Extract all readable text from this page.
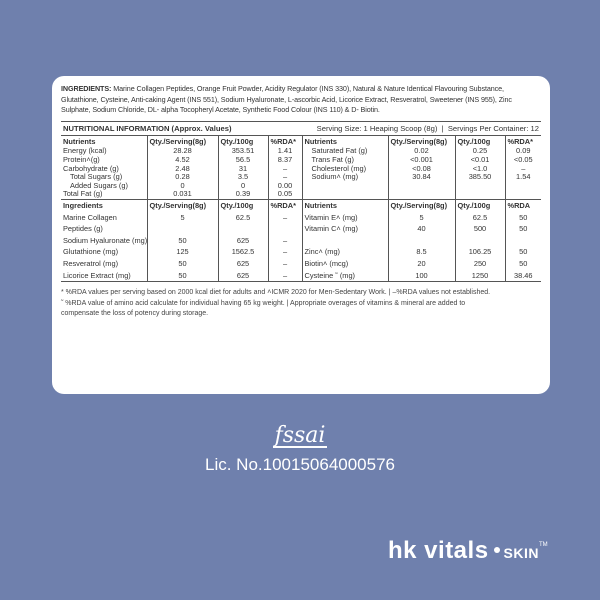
INGREDIENTS: Marine Collagen Peptides, Orange Fruit Powder, Acidity Regulator (INS 330), Natural & Nature Identical Flavouring Substance, Glutathione, Cysteine, Anti-caking Agent (INS 551), Sodium Hyaluronate, L-ascorbic Acid, Licorice Extract, Resveratrol, Sweetener (INS 955), Zinc Sulphate, Sodium Chloride, DL- alpha Tocopheryl Acetate, Synthetic Food Colour (INS 110) & D- Biotin.
NUTRITIONAL INFORMATION (Approx. Values)	Serving Size: 1 Heaping Scoop (8g)  |  Servings Per Container: 12
Nutrients	Qty./Serving(8g)	Qty./100g	%RDA*	Nutrients	Qty./Serving(8g)	Qty./100g	%RDA*
Energy (kcal)	28.28	353.51	1.41	Saturated Fat (g)	0.02	0.25	0.09
Protein˄(g)	4.52	56.5	8.37	Trans Fat (g)	<0.001	<0.01	<0.05
Carbohydrate (g)	2.48	31	–	Cholesterol (mg)	<0.08	<1.0	–
Total Sugars (g)	0.28	3.5	–	Sodium˄ (mg)	30.84	385.50	1.54
Added Sugars (g)	0	0	0.00				
Total Fat (g)	0.031	0.39	0.05				
Ingredients	Qty./Serving(8g)	Qty./100g	%RDA*	Nutrients	Qty./Serving(8g)	Qty./100g	%RDA
Marine Collagen	5	62.5	–	Vitamin E˄ (mg)	5	62.5	50
Peptides (g)				Vitamin C˄ (mg)	40	500	50
Sodium Hyaluronate (mg)	50	625	–				
Glutathione (mg)	125	1562.5	–	Zinc˄ (mg)	8.5	106.25	50
Resveratrol (mg)	50	625	–	Biotin˄ (mcg)	20	250	50
Licorice Extract (mg)	50	625	–	Cysteine ˜ (mg)	100	1250	38.46
* %RDA values per serving based on 2000 kcal diet for adults and ˄ICMR 2020 for Men-Sedentary Work. | –%RDA values not established.
˜ %RDA value of amino acid calculate for individual having 65 kg weight. | Appropriate overages of vitamins & mineral are added to
compensate the loss of potency during storage.
fssai
Lic. No.10015064000576
hk vitals SKIN TM
